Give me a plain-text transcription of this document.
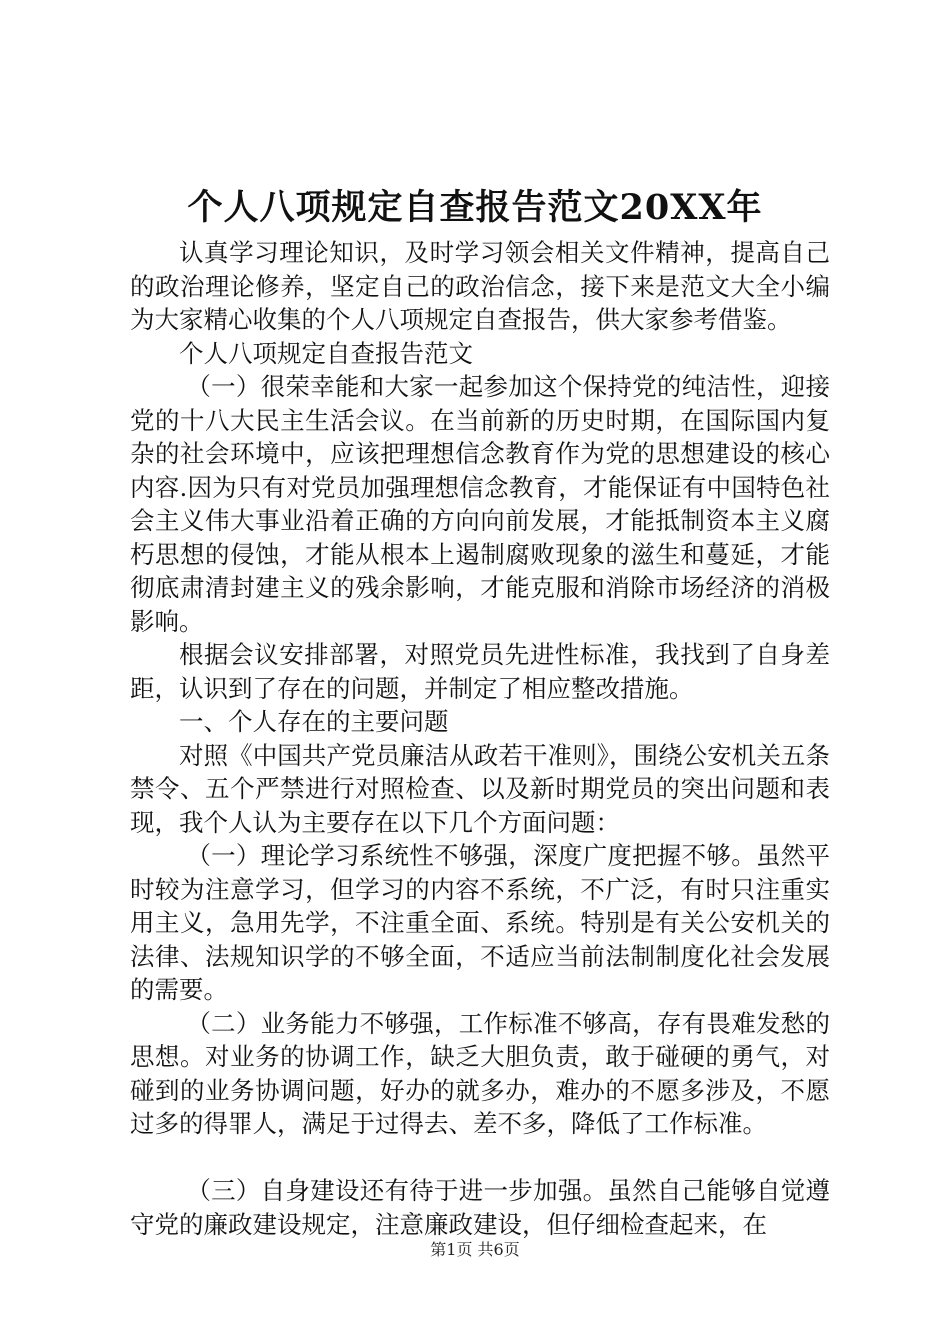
个人八项规定自查报告范文20XX年

认真学习理论知识，及时学习领会相关文件精神，提高自己的政治理论修养，坚定自己的政治信念，接下来是范文大全小编为大家精心收集的个人八项规定自查报告，供大家参考借鉴。

个人八项规定自查报告范文

（一）很荣幸能和大家一起参加这个保持党的纯洁性，迎接党的十八大民主生活会议。在当前新的历史时期，在国际国内复杂的社会环境中，应该把理想信念教育作为党的思想建设的核心内容.因为只有对党员加强理想信念教育，才能保证有中国特色社会主义伟大事业沿着正确的方向向前发展，才能抵制资本主义腐朽思想的侵蚀，才能从根本上遏制腐败现象的滋生和蔓延，才能彻底肃清封建主义的残余影响，才能克服和消除市场经济的消极影响。

根据会议安排部署，对照党员先进性标准，我找到了自身差距，认识到了存在的问题，并制定了相应整改措施。

一、个人存在的主要问题

对照《中国共产党员廉洁从政若干准则》，围绕公安机关五条禁令、五个严禁进行对照检查、以及新时期党员的突出问题和表现，我个人认为主要存在以下几个方面问题：

（一）理论学习系统性不够强，深度广度把握不够。虽然平时较为注意学习，但学习的内容不系统，不广泛，有时只注重实用主义，急用先学，不注重全面、系统。特别是有关公安机关的法律、法规知识学的不够全面，不适应当前法制制度化社会发展的需要。

（二）业务能力不够强，工作标准不够高，存有畏难发愁的思想。对业务的协调工作，缺乏大胆负责，敢于碰硬的勇气，对碰到的业务协调问题，好办的就多办，难办的不愿多涉及，不愿过多的得罪人，满足于过得去、差不多，降低了工作标准。

（三）自身建设还有待于进一步加强。虽然自己能够自觉遵守党的廉政建设规定，注意廉政建设，但仔细检查起来，在

第1页 共6页
